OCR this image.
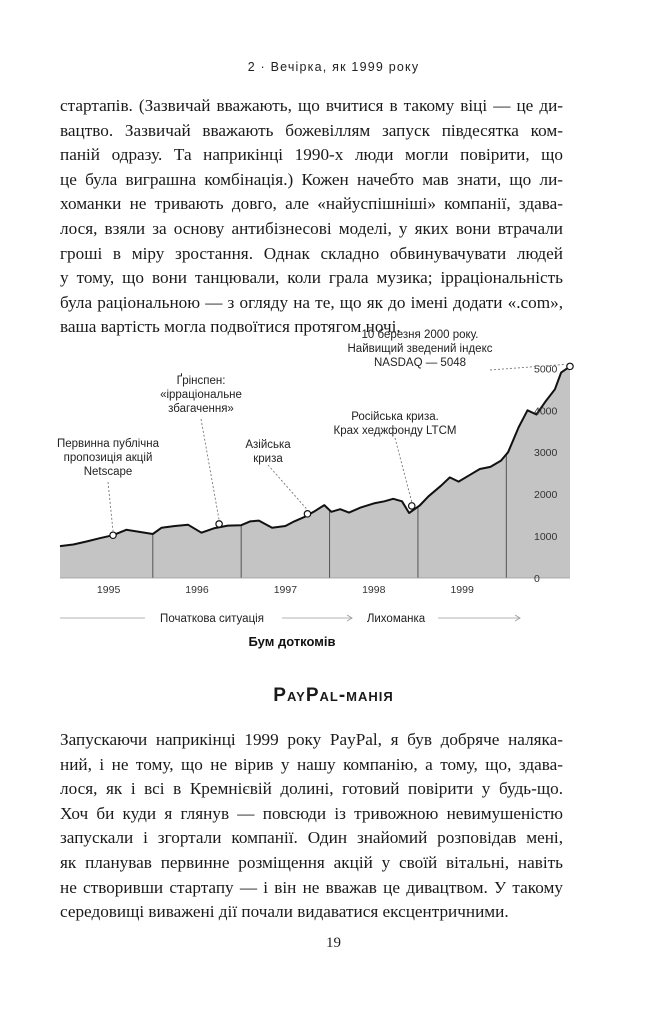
2 · Вечірка, як 1999 року

стартапів. (Зазвичай вважають, що вчитися в такому віці — це ди-
вацтво. Зазвичай вважають божевіллям запуск півдесятка ком-
паній одразу. Та наприкінці 1990-х люди могли повірити, що
це була виграшна комбінація.) Кожен начебто мав знати, що ли-
хоманки не тривають довго, але «найуспішніші» компанії, здава-
лося, взяли за основу антибізнесові моделі, у яких вони втрачали
гроші в міру зростання. Однак складно обвинувачувати людей
у тому, що вони танцювали, коли грала музика; ірраціональність
була раціональною — з огляду на те, що як до імені додати «.com»,
ваша вартість могла подвоїтися протягом ночі.

0
1000
2000
3000
4000
5000
1995	1996	1997	1998	1999
Первинна публічна
пропозиція акцій
Netscape
Ґрінспен:
«ірраціональне
збагачення»
Азійська
криза
Російська криза.
Крах хеджфонду LTCM
10 березня 2000 року.
Найвищий зведений індекс
NASDAQ — 5048
Початкова ситуація	Лихоманка
Бум доткомів
PayPal-манія

Запускаючи наприкінці 1999 року PayPal, я був добряче наляка-
ний, і не тому, що не вірив у нашу компанію, а тому, що, здава-
лося, як і всі в Кремнієвій долині, готовий повірити у будь-що.
Хоч би куди я глянув — повсюди із тривожною невимушеністю
запускали і згортали компанії. Один знайомий розповідав мені,
як планував первинне розміщення акцій у своїй вітальні, навіть
не створивши стартапу — і він не вважав це дивацтвом. У такому
середовищі виважені дії почали видаватися ексцентричними.

19
